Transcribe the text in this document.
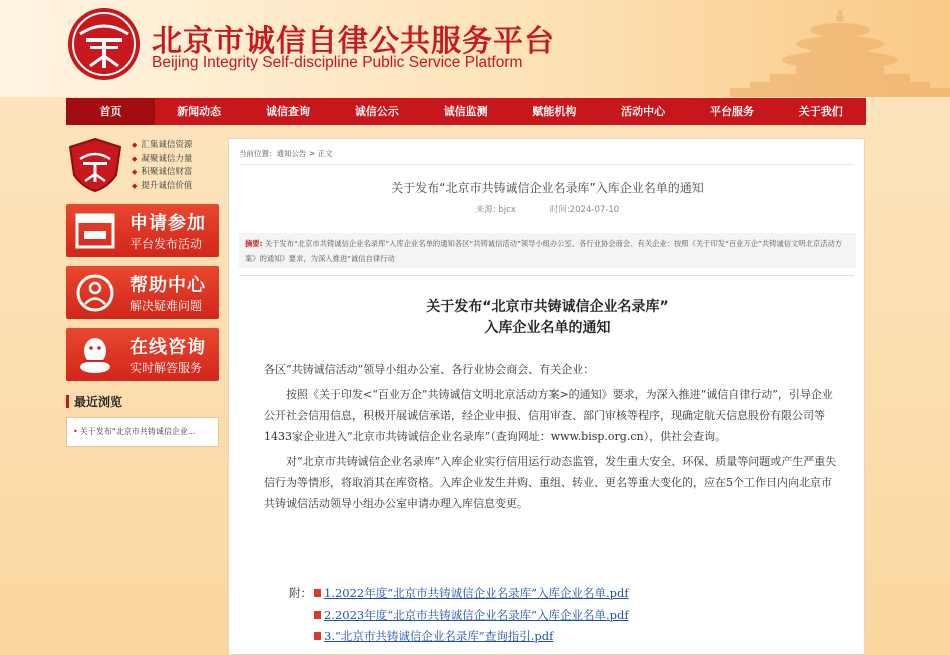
北京市诚信自律公共服务平台
Beijing Integrity Self-discipline Public Service Platform
首页	新闻动态	诚信查询	诚信公示	诚信监测	赋能机构	活动中心	平台服务	关于我们
◆ 汇集诚信资源
◆ 凝聚诚信力量
◆ 积聚诚信财富
◆ 提升诚信价值
申请参加
平台发布活动
帮助中心
解决疑难问题
在线咨询
实时解答服务
最近浏览
• 关于发布“北京市共铸诚信企业...
当前位置：通知公告 > 正文
关于发布“北京市共铸诚信企业名录库”入库企业名单的通知
来源: bjcx	时间:2024-07-10
摘要: 关于发布“北京市共铸诚信企业名录库”入库企业名单的通知各区“共铸诚信活动”领导小组办公室、各行业协会商会、有关企业：按照《关于印发“百业万企”共铸诚信文明北京活动方案》的通知》要求，为深入推进“诚信自律行动
关于发布“北京市共铸诚信企业名录库”
入库企业名单的通知

各区“共铸诚信活动”领导小组办公室、各行业协会商会、有关企业：

按照《关于印发<“百业万企”共铸诚信文明北京活动方案>的通知》要求，为深入推进“诚信自律行动”，引导企业公开社会信用信息，积极开展诚信承诺，经企业申报、信用审查、部门审核等程序，现确定航天信息股份有限公司等1433家企业进入“北京市共铸诚信企业名录库”（查询网址：www.bisp.org.cn），供社会查询。

对“北京市共铸诚信企业名录库”入库企业实行信用运行动态监管，发生重大安全、环保、质量等问题或产生严重失信行为等情形，将取消其在库资格。入库企业发生并购、重组、转业、更名等重大变化的，应在5个工作日内向北京市共铸诚信活动领导小组办公室申请办理入库信息变更。

附： 1.2022年度“北京市共铸诚信企业名录库”入库企业名单.pdf
2.2023年度“北京市共铸诚信企业名录库”入库企业名单.pdf
3.“北京市共铸诚信企业名录库”查询指引.pdf
